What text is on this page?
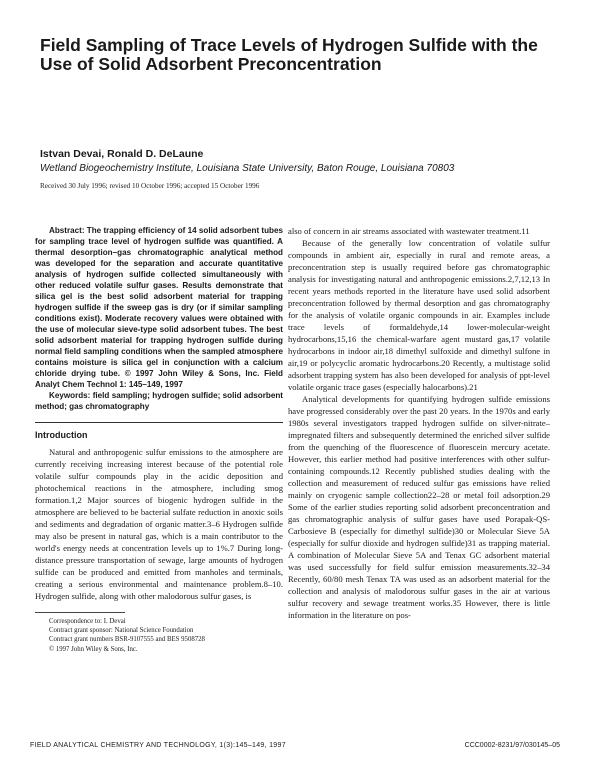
Field Sampling of Trace Levels of Hydrogen Sulfide with the Use of Solid Adsorbent Preconcentration
Istvan Devai, Ronald D. DeLaune
Wetland Biogeochemistry Institute, Louisiana State University, Baton Rouge, Louisiana 70803
Received 30 July 1996; revised 10 October 1996; accepted 15 October 1996

Abstract: The trapping efficiency of 14 solid adsorbent tubes for sampling trace level of hydrogen sulfide was quantified. A thermal desorption–gas chromatographic analytical method was developed for the separation and accurate quantitative analysis of hydrogen sulfide collected simultaneously with other reduced volatile sulfur gases. Results demonstrate that silica gel is the best solid adsorbent material for trapping hydrogen sulfide if the sweep gas is dry (or if similar sampling conditions exist). Moderate recovery values were obtained with the use of molecular sieve-type solid adsorbent tubes. The best solid adsorbent material for trapping hydrogen sulfide during normal field sampling conditions when the sampled atmosphere contains moisture is silica gel in conjunction with a calcium chloride drying tube. © 1997 John Wiley & Sons, Inc. Field Analyt Chem Technol 1: 145–149, 1997

Keywords: field sampling; hydrogen sulfide; solid adsorbent method; gas chromatography

Introduction

Natural and anthropogenic sulfur emissions to the atmosphere are currently receiving increasing interest because of the potential role volatile sulfur compounds play in the acidic deposition and photochemical reactions in the atmosphere, including smog formation.1,2 Major sources of biogenic hydrogen sulfide in the atmosphere are believed to be bacterial sulfate reduction in anoxic soils and sediments and degradation of organic matter.3–6 Hydrogen sulfide may also be present in natural gas, which is a main contributor to the world's energy needs at concentration levels up to 1%.7 During long-distance pressure transportation of sewage, large amounts of hydrogen sulfide can be produced and emitted from manholes and terminals, creating a serious environmental and maintenance problem.8–10. Hydrogen sulfide, along with other malodorous sulfur gases, is

Correspondence to: I. Devai

Contract grant sponsor: National Science Foundation

Contract grant numbers BSR-9107555 and BES 9508728

© 1997 John Wiley & Sons, Inc.

also of concern in air streams associated with wastewater treatment.11

Because of the generally low concentration of volatile sulfur compounds in ambient air, especially in rural and remote areas, a preconcentration step is usually required before gas chromatographic analysis for investigating natural and anthropogenic emissions.2,7,12,13 In recent years methods reported in the literature have used solid adsorbent preconcentration followed by thermal desorption and gas chromatography for the analysis of volatile organic compounds in air. Examples include trace levels of formaldehyde,14 lower-molecular-weight hydrocarbons,15,16 the chemical-warfare agent mustard gas,17 volatile hydrocarbons in indoor air,18 dimethyl sulfoxide and dimethyl sulfone in air,19 or polycyclic aromatic hydrocarbons.20 Recently, a multistage solid adsorbent trapping system has also been developed for analysis of ppt-level volatile organic trace gases (especially halocarbons).21

Analytical developments for quantifying hydrogen sulfide emissions have progressed considerably over the past 20 years. In the 1970s and early 1980s several investigators trapped hydrogen sulfide on silver-nitrate–impregnated filters and subsequently determined the enriched silver sulfide from the quenching of the fluorescence of fluorescein mercury acetate. However, this earlier method had positive interferences with other sulfur-containing compounds.12 Recently published studies dealing with the collection and measurement of reduced sulfur gas emissions have relied mainly on cryogenic sample collection22–28 or metal foil adsorption.29 Some of the earlier studies reporting solid adsorbent preconcentration and gas chromatographic analysis of sulfur gases have used Porapak-QS-Carbosieve B (especially for dimethyl sulfide)30 or Molecular Sieve 5A (especially for sulfur dioxide and hydrogen sulfide)31 as trapping material. A combination of Molecular Sieve 5A and Tenax GC adsorbent material was used successfully for field sulfur emission measurements.32–34 Recently, 60/80 mesh Tenax TA was used as an adsorbent material for the collection and analysis of malodorous sulfur gases in the air at various sulfur recovery and sewage treatment works.35 However, there is little information in the literature on pos-

FIELD ANALYTICAL CHEMISTRY AND TECHNOLOGY, 1(3):145–149, 1997	CCC0002-8231/97/030145–05
